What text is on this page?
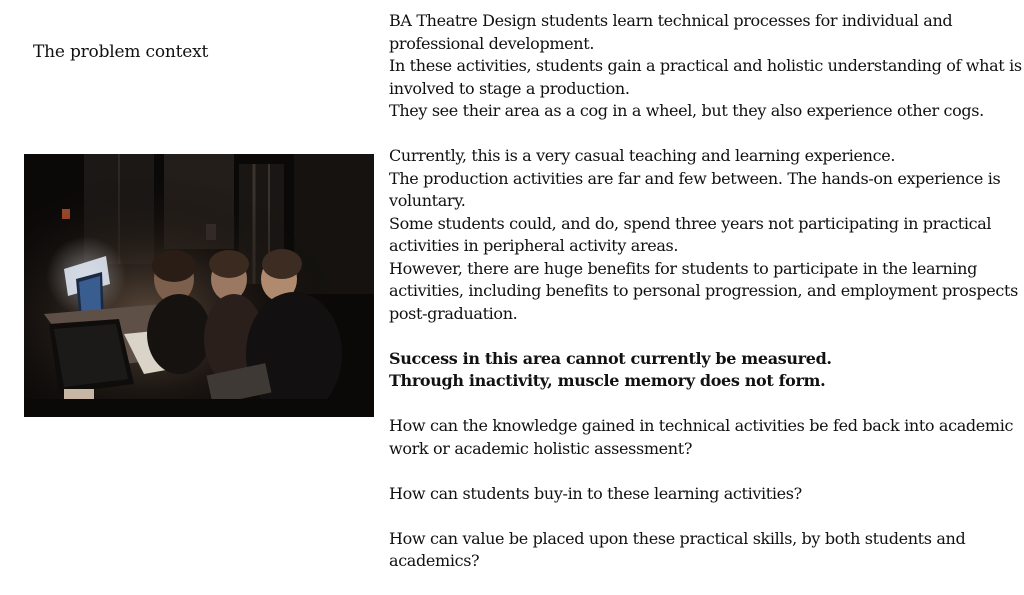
The problem context

BA Theatre Design students learn technical processes for individual and professional development.
In these activities, students gain a practical and holistic understanding of what is involved to stage a production.
They see their area as a cog in a wheel, but they also experience other cogs.

Currently, this is a very casual teaching and learning experience.
The production activities are far and few between. The hands-on experience is voluntary.
Some students could, and do, spend three years not participating in practical activities in peripheral activity areas.
However, there are huge benefits for students to participate in the learning activities, including benefits to personal progression, and employment prospects post-graduation.

Success in this area cannot currently be measured.
Through inactivity, muscle memory does not form.

How can the knowledge gained in technical activities be fed back into academic work or academic holistic assessment?

How can students buy-in to these learning activities?

How can value be placed upon these practical skills, by both students and academics?
